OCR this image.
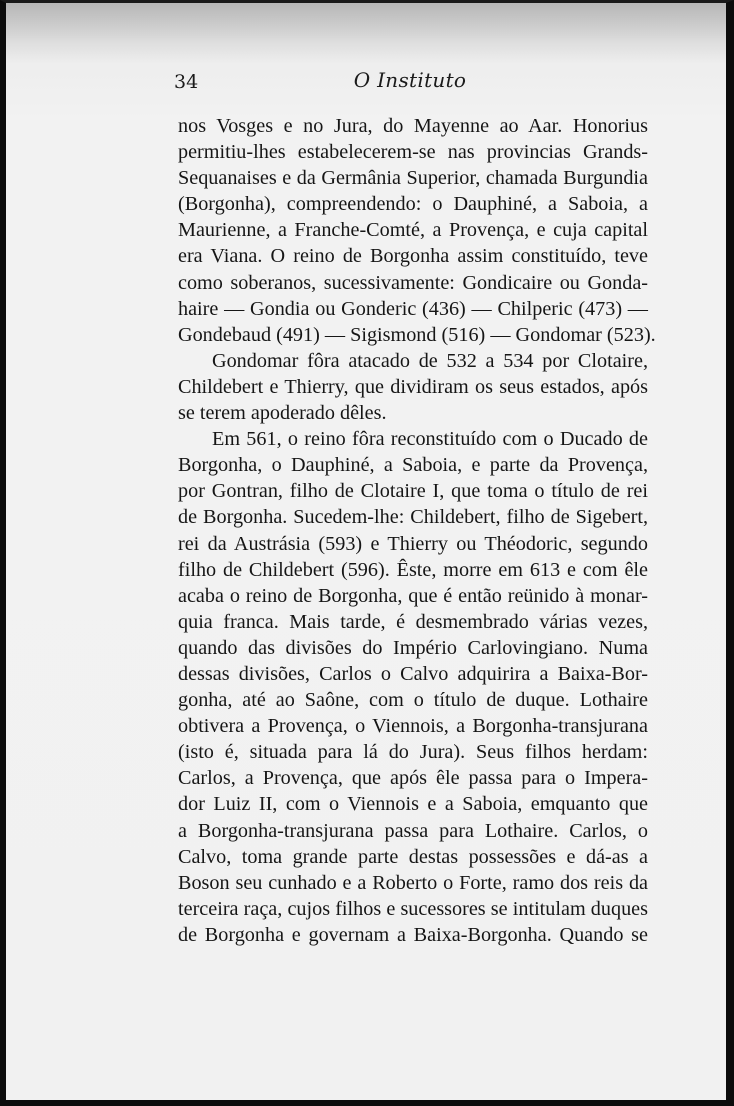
34	O Instituto

nos Vosges e no Jura, do Mayenne ao Aar. Honorius
permitiu-lhes estabelecerem-se nas provincias Grands-
Sequanaises e da Germânia Superior, chamada Burgundia
(Borgonha), compreendendo: o Dauphiné, a Saboia, a
Maurienne, a Franche-Comté, a Provença, e cuja capital
era Viana. O reino de Borgonha assim constituído, teve
como soberanos, sucessivamente: Gondicaire ou Gonda-
haire — Gondia ou Gonderic (436) — Chilperic (473) —
Gondebaud (491) — Sigismond (516) — Gondomar (523).

Gondomar fôra atacado de 532 a 534 por Clotaire,
Childebert e Thierry, que dividiram os seus estados, após
se terem apoderado dêles.

Em 561, o reino fôra reconstituído com o Ducado de
Borgonha, o Dauphiné, a Saboia, e parte da Provença,
por Gontran, filho de Clotaire I, que toma o título de rei
de Borgonha. Sucedem-lhe: Childebert, filho de Sigebert,
rei da Austrásia (593) e Thierry ou Théodoric, segundo
filho de Childebert (596). Êste, morre em 613 e com êle
acaba o reino de Borgonha, que é então reünido à monar-
quia franca. Mais tarde, é desmembrado várias vezes,
quando das divisões do Império Carlovingiano. Numa
dessas divisões, Carlos o Calvo adquirira a Baixa-Bor-
gonha, até ao Saône, com o título de duque. Lothaire
obtivera a Provença, o Viennois, a Borgonha-transjurana
(isto é, situada para lá do Jura). Seus filhos herdam:
Carlos, a Provença, que após êle passa para o Impera-
dor Luiz II, com o Viennois e a Saboia, emquanto que
a Borgonha-transjurana passa para Lothaire. Carlos, o
Calvo, toma grande parte destas possessões e dá-as a
Boson seu cunhado e a Roberto o Forte, ramo dos reis da
terceira raça, cujos filhos e sucessores se intitulam duques
de Borgonha e governam a Baixa-Borgonha. Quando se
